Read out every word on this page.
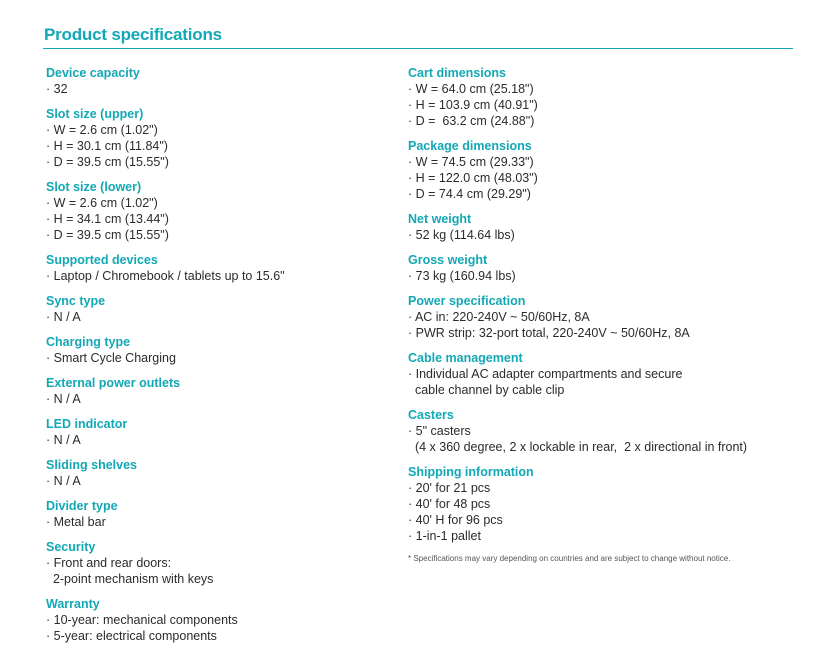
Product specifications
Device capacity
· 32
Slot size (upper)
· W = 2.6 cm (1.02")
· H = 30.1 cm (11.84")
· D = 39.5 cm (15.55")
Slot size (lower)
· W = 2.6 cm (1.02")
· H = 34.1 cm (13.44")
· D = 39.5 cm (15.55")
Supported devices
· Laptop / Chromebook / tablets up to 15.6"
Sync type
· N / A
Charging type
· Smart Cycle Charging
External power outlets
· N / A
LED indicator
· N / A
Sliding shelves
· N / A
Divider type
· Metal bar
Security
· Front and rear doors:
2-point mechanism with keys
Warranty
· 10-year: mechanical components
· 5-year: electrical components
Cart dimensions
· W = 64.0 cm (25.18")
· H = 103.9 cm (40.91")
· D =  63.2 cm (24.88")
Package dimensions
· W = 74.5 cm (29.33")
· H = 122.0 cm (48.03")
· D = 74.4 cm (29.29")
Net weight
· 52 kg (114.64 lbs)
Gross weight
· 73 kg (160.94 lbs)
Power specification
· AC in: 220-240V ~ 50/60Hz, 8A
· PWR strip: 32-port total, 220-240V ~ 50/60Hz, 8A
Cable management
· Individual AC adapter compartments and secure
cable channel by cable clip
Casters
· 5" casters
(4 x 360 degree, 2 x lockable in rear,  2 x directional in front)
Shipping information
· 20' for 21 pcs
· 40' for 48 pcs
· 40' H for 96 pcs
· 1-in-1 pallet
* Specifications may vary depending on countries and are subject to change without notice.
